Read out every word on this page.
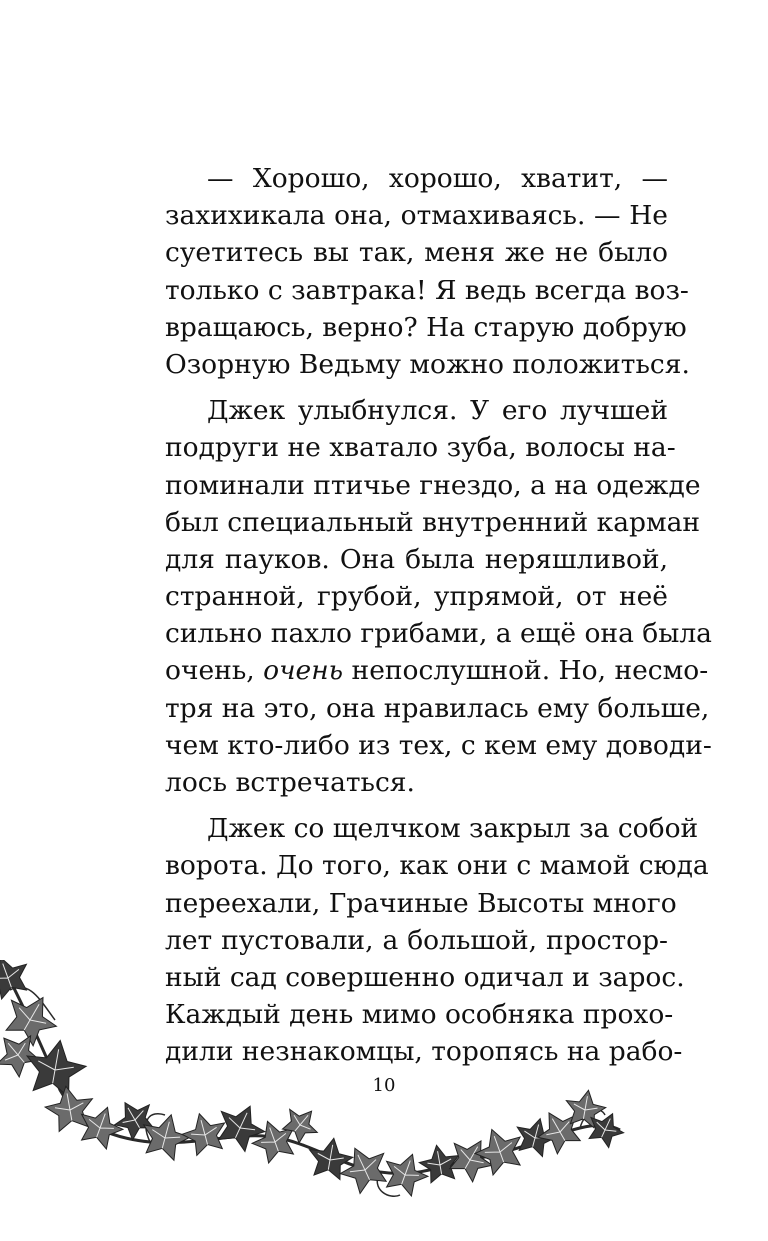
— Хорошо, хорошо, хватит, —
захихикала она, отмахиваясь. — Не
суетитесь вы так, меня же не было
только с завтрака! Я ведь всегда воз-
вращаюсь, верно? На старую добрую
Озорную Ведьму можно положиться.
Джек улыбнулся. У его лучшей
подруги не хватало зуба, волосы на-
поминали птичье гнездо, а на одежде
был специальный внутренний карман
для пауков. Она была неряшливой,
странной, грубой, упрямой, от неё
сильно пахло грибами, а ещё она была
очень, очень непослушной. Но, несмо-
тря на это, она нравилась ему больше,
чем кто-либо из тех, с кем ему доводи-
лось встречаться.
Джек со щелчком закрыл за собой
ворота. До того, как они с мамой сюда
переехали, Грачиные Высоты много
лет пустовали, а большой, простор-
ный сад совершенно одичал и зарос.
Каждый день мимо особняка прохо-
дили незнакомцы, торопясь на рабо-
10
